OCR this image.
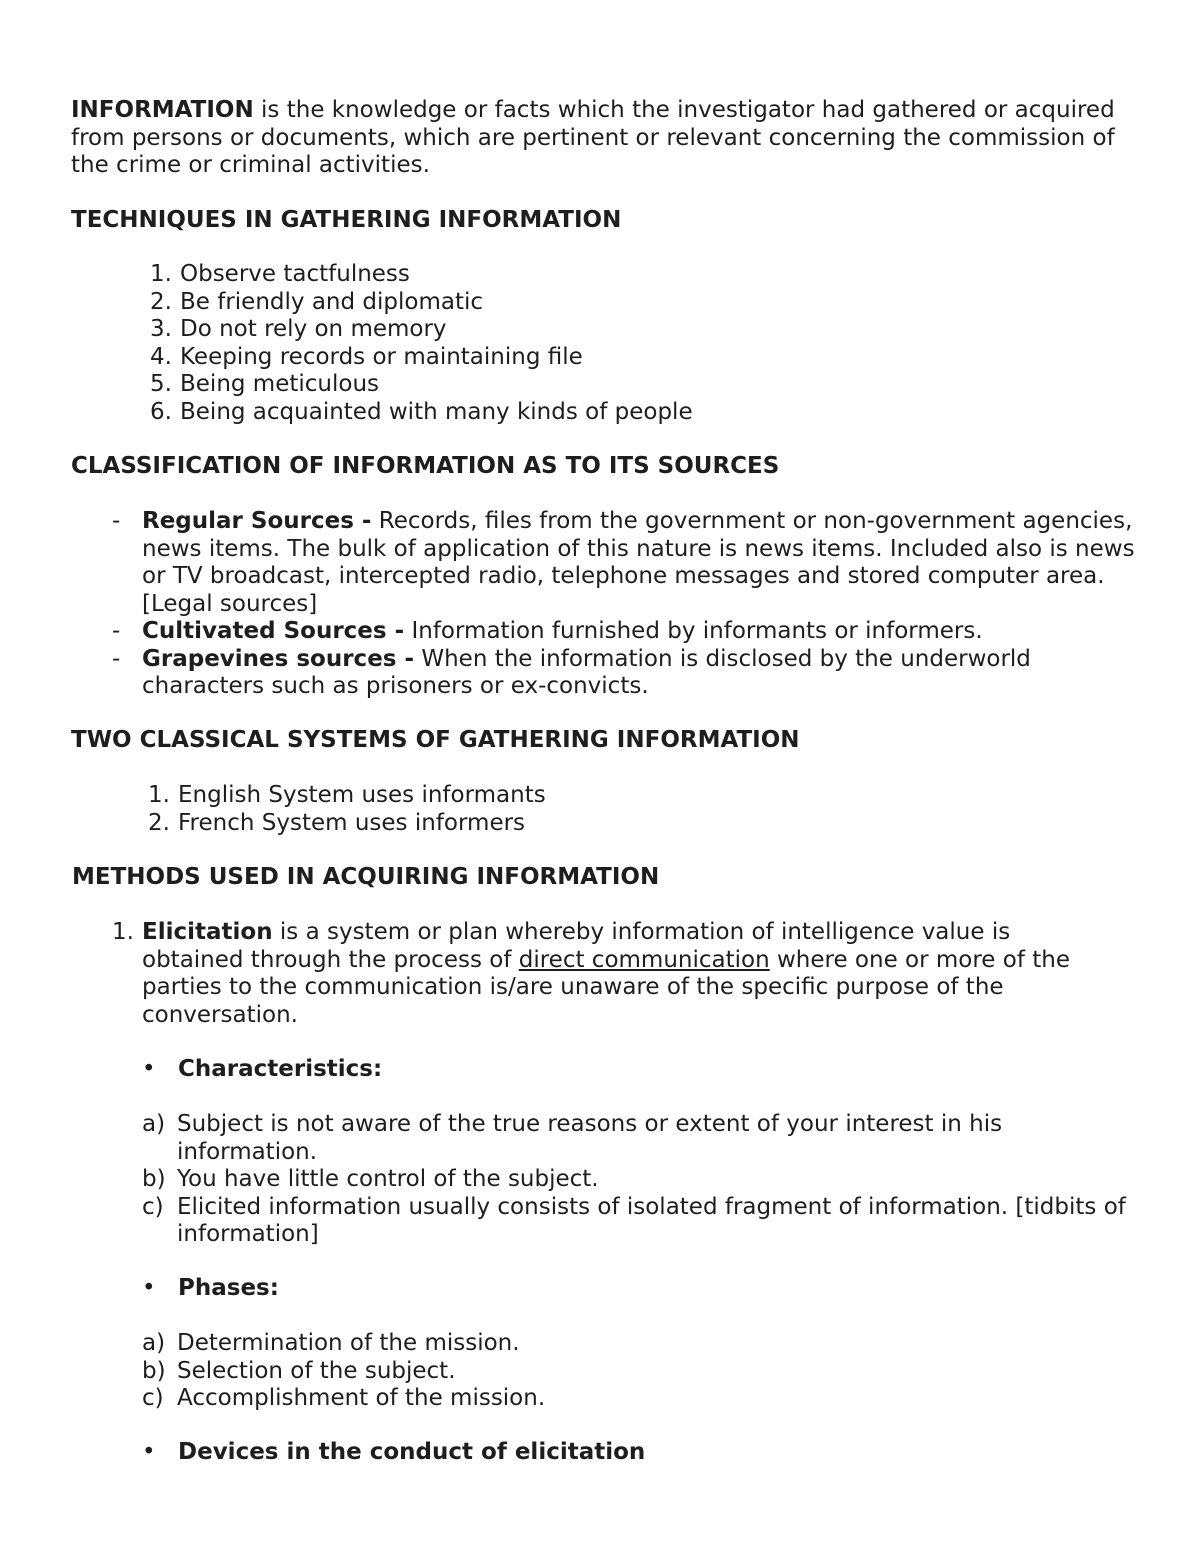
INFORMATION is the knowledge or facts which the investigator had gathered or acquired from persons or documents, which are pertinent or relevant concerning the commission of the crime or criminal activities.
TECHNIQUES IN GATHERING INFORMATION
1. Observe tactfulness
2. Be friendly and diplomatic
3. Do not rely on memory
4. Keeping records or maintaining file
5. Being meticulous
6. Being acquainted with many kinds of people
CLASSIFICATION OF INFORMATION AS TO ITS SOURCES
- Regular Sources - Records, files from the government or non-government agencies, news items. The bulk of application of this nature is news items. Included also is news or TV broadcast, intercepted radio, telephone messages and stored computer area. [Legal sources]
- Cultivated Sources - Information furnished by informants or informers.
- Grapevines sources - When the information is disclosed by the underworld characters such as prisoners or ex-convicts.
TWO CLASSICAL SYSTEMS OF GATHERING INFORMATION
1. English System uses informants
2. French System uses informers
METHODS USED IN ACQUIRING INFORMATION
1. Elicitation is a system or plan whereby information of intelligence value is obtained through the process of direct communication where one or more of the parties to the communication is/are unaware of the specific purpose of the conversation.
• Characteristics:
a) Subject is not aware of the true reasons or extent of your interest in his information.
b) You have little control of the subject.
c) Elicited information usually consists of isolated fragment of information. [tidbits of information]
• Phases:
a) Determination of the mission.
b) Selection of the subject.
c) Accomplishment of the mission.
• Devices in the conduct of elicitation
